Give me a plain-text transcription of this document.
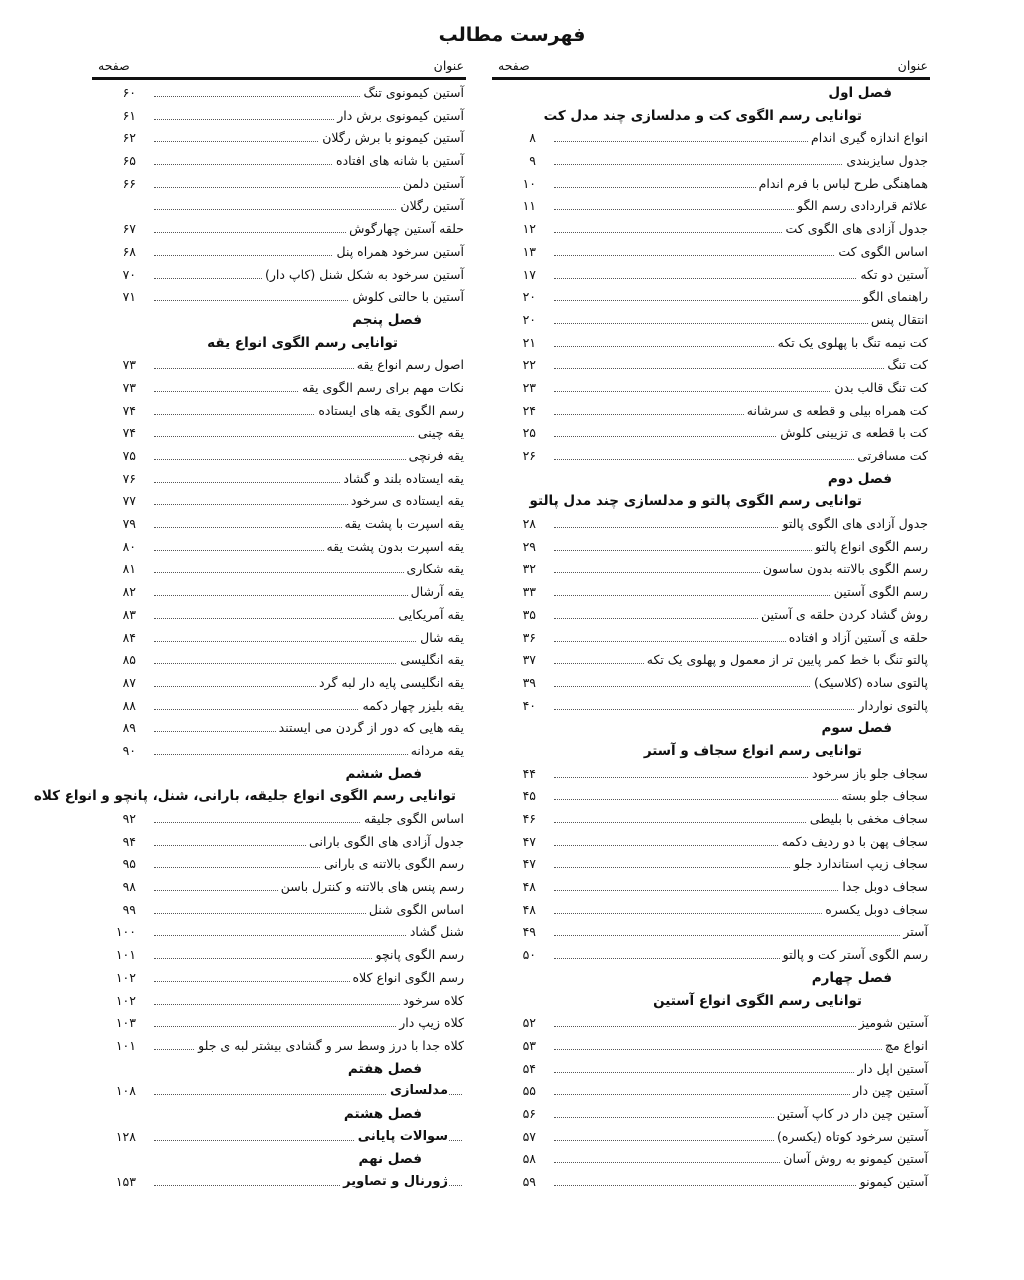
فهرست مطالب
عنوان
صفحه
فصل اول
توانایی رسم الگوی کت و مدلسازی چند مدل کت
انواع اندازه گیری اندام
۸
جدول سایزبندی
۹
هماهنگی طرح لباس با فرم اندام
۱۰
علائم قراردادی رسم الگو
۱۱
جدول آزادی های الگوی کت
۱۲
اساس الگوی کت
۱۳
آستین دو تکه
۱۷
راهنمای الگو
۲۰
انتقال پنس
۲۰
کت نیمه تنگ با پهلوی یک تکه
۲۱
کت تنگ
۲۲
کت تنگ قالب بدن
۲۳
کت همراه بیلی و قطعه ی سرشانه
۲۴
کت با قطعه ی تزیینی کلوش
۲۵
کت مسافرتی
۲۶
فصل دوم
توانایی رسم الگوی پالتو و مدلسازی چند مدل پالتو
جدول آزادی های الگوی پالتو
۲۸
رسم الگوی انواع پالتو
۲۹
رسم الگوی بالاتنه بدون ساسون
۳۲
رسم الگوی آستین
۳۳
روش گشاد کردن حلقه ی آستین
۳۵
حلقه ی آستین آزاد و افتاده
۳۶
پالتو تنگ با خط کمر پایین تر از معمول و پهلوی یک تکه
۳۷
پالتوی ساده (کلاسیک)
۳۹
پالتوی نواردار
۴۰
فصل سوم
توانایی رسم انواع سجاف و آستر
سجاف جلو باز سرخود
۴۴
سجاف جلو بسته
۴۵
سجاف مخفی با بلیطی
۴۶
سجاف پهن با دو ردیف دکمه
۴۷
سجاف زیپ استاندارد جلو
۴۷
سجاف دوبل جدا
۴۸
سجاف دوبل یکسره
۴۸
آستر
۴۹
رسم الگوی آستر کت و پالتو
۵۰
فصل چهارم
توانایی رسم الگوی انواع آستین
آستین شومیز
۵۲
انواع مچ
۵۳
آستین اپل دار
۵۴
آستین چین دار
۵۵
آستین چین دار در کاپ آستین
۵۶
آستین سرخود کوتاه (یکسره)
۵۷
آستین کیمونو به روش آسان
۵۸
آستین کیمونو
۵۹
عنوان
صفحه
آستین کیمونوی تنگ
۶۰
آستین کیمونوی برش دار
۶۱
آستین کیمونو با برش رگلان
۶۲
آستین با شانه های افتاده
۶۵
آستین دلمن
۶۶
آستین رگلان
حلقه آستین چهارگوش
۶۷
آستین سرخود همراه پنل
۶۸
آستین سرخود به شکل شنل (کاپ دار)
۷۰
آستین با حالتی کلوش
۷۱
فصل پنجم
توانایی رسم الگوی انواع یقه
اصول رسم انواع یقه
۷۳
نکات مهم برای رسم الگوی یقه
۷۳
رسم الگوی یقه های ایستاده
۷۴
یقه چینی
۷۴
یقه فرنچی
۷۵
یقه ایستاده بلند و گشاد
۷۶
یقه ایستاده ی سرخود
۷۷
یقه اسپرت با پشت یقه
۷۹
یقه اسپرت بدون پشت یقه
۸۰
یقه شکاری
۸۱
یقه آرشال
۸۲
یقه آمریکایی
۸۳
یقه شال
۸۴
یقه انگلیسی
۸۵
یقه انگلیسی پایه دار لبه گرد
۸۷
یقه بلیزر چهار دکمه
۸۸
یقه هایی که دور از گردن می ایستند
۸۹
یقه مردانه
۹۰
فصل ششم
توانایی رسم الگوی انواع جلیقه، بارانی، شنل، پانچو و انواع کلاه
اساس الگوی جلیقه
۹۲
جدول آزادی های الگوی بارانی
۹۴
رسم الگوی بالاتنه ی بارانی
۹۵
رسم پنس های بالاتنه و کنترل باسن
۹۸
اساس الگوی شنل
۹۹
شنل گشاد
۱۰۰
رسم الگوی پانچو
۱۰۱
رسم الگوی انواع کلاه
۱۰۲
کلاه سرخود
۱۰۲
کلاه زیپ دار
۱۰۳
کلاه جدا با درز وسط سر و گشادی بیشتر لبه ی جلو
۱۰۱
فصل هفتم
مدلسازی
۱۰۸
فصل هشتم
سوالات پایانی
۱۲۸
فصل نهم
ژورنال و تصاویر
۱۵۳
